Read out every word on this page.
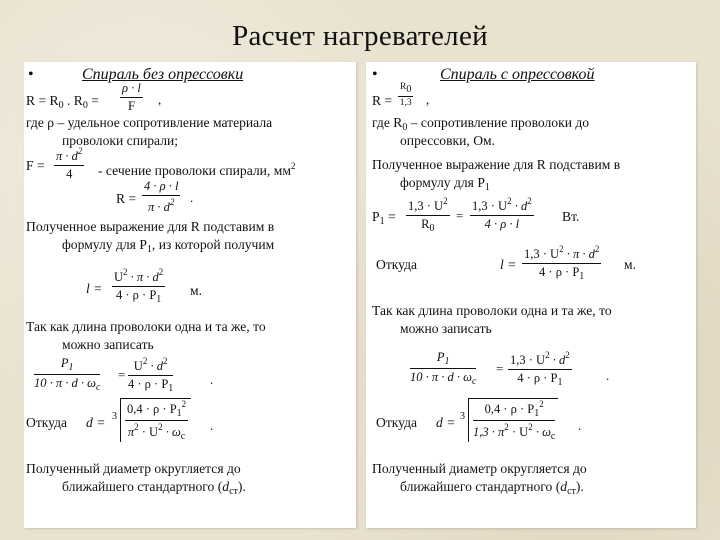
Расчет нагревателей
•	Спираль без опрессовки
$R = R_0$ . $R_0 = \frac{\rho \cdot l}{F}$ ,
где ρ – удельное сопротивление материала
проволоки спирали;
$F = \frac{\pi \cdot d^2}{4}$ - сечение проволоки спирали, $мм^2$
$R = \frac{4 \cdot \rho \cdot l}{\pi \cdot d^2}$ .
Полученное выражение для R подставим в
формулу для $P_1$, из которой получим
$l = \frac{U^2 \cdot \pi \cdot d^2}{4 \cdot \rho \cdot P_1} м$.
Так как длина проволоки одна и та же, то
можно записать
$\frac{P_1}{10 \cdot \pi \cdot d \cdot \omega_c} = \frac{U^2 \cdot d^2}{4 \cdot \rho \cdot P_1}$	.
Откуда d = 3
$0,4 \cdot \rho \cdot P_1^2$
$\pi^2 \cdot U^2 \cdot \omega_c$
.
Полученный диаметр округляется до
ближайшего стандартного $(d_{ст})$.
•	Спираль с опрессовкой
$R = \frac{R0}{1,3}$ ,
где $R_0$ – сопротивление проволоки до
опрессовки, Ом.
Полученное выражение для R подставим в
формулу для $P_1$
$P_1 = \frac{1,3 \cdot U^2}{R_0} = \frac{1,3 \cdot U^2 \cdot d^2}{4 \cdot \rho \cdot l}$ Вт.
Откуда	$l = \frac{1,3 \cdot U^2 \cdot \pi \cdot d^2}{4 \cdot \rho \cdot P_1} м$.
Так как длина проволоки одна и та же, то
можно записать
$\frac{P_1}{10 \cdot \pi \cdot d \cdot \omega_c} = \frac{1,3 \cdot U^2 \cdot d^2}{4 \cdot \rho \cdot P_1}$	.
Откуда d = 3
$0,4 \cdot \rho \cdot P_1^2$
$1,3 \cdot \pi^2 \cdot U^2 \cdot \omega_c$
.
Полученный диаметр округляется до
ближайшего стандартного $(d_{ст})$.
